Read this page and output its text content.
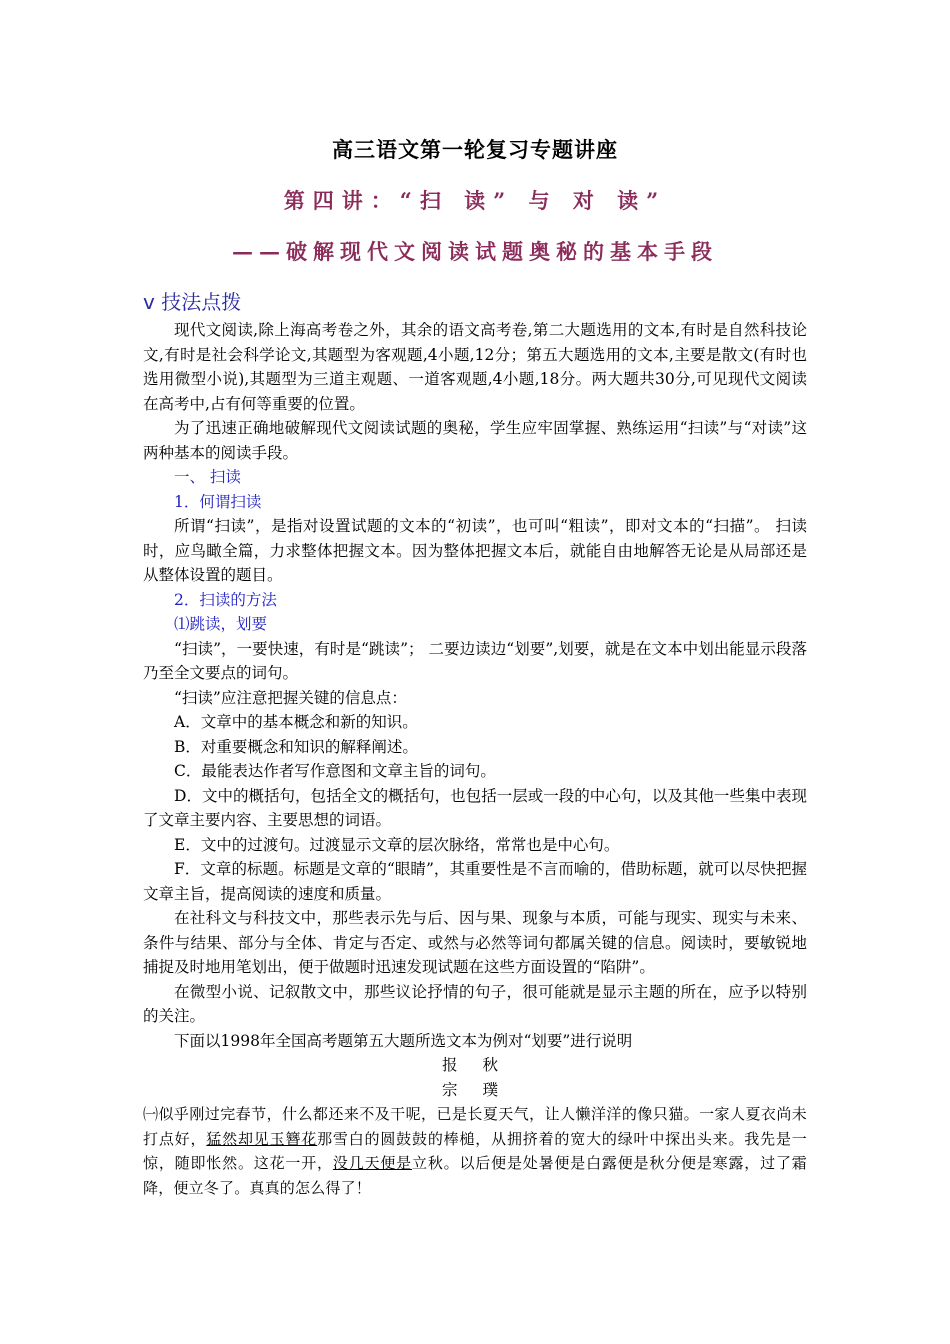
高三语文第一轮复习专题讲座
第四讲：“扫 读” 与 对 读”
——破解现代文阅读试题奥秘的基本手段
v 技法点拨

现代文阅读,除上海高考卷之外，其余的语文高考卷,第二大题选用的文本,有时是自然科技论文,有时是社会科学论文,其题型为客观题,4小题,12分；第五大题选用的文本,主要是散文(有时也选用微型小说),其题型为三道主观题、一道客观题,4小题,18分。两大题共30分,可见现代文阅读在高考中,占有何等重要的位置。

为了迅速正确地破解现代文阅读试题的奥秘，学生应牢固掌握、熟练运用“扫读”与“对读”这两种基本的阅读手段。

一、 扫读

1．何谓扫读

所谓“扫读”，是指对设置试题的文本的“初读”，也可叫“粗读”，即对文本的“扫描”。 扫读时，应鸟瞰全篇，力求整体把握文本。因为整体把握文本后，就能自由地解答无论是从局部还是从整体设置的题目。

2．扫读的方法

⑴跳读，划要

“扫读”，一要快速，有时是“跳读”； 二要边读边“划要”,划要，就是在文本中划出能显示段落乃至全文要点的词句。

“扫读”应注意把握关键的信息点：

A．文章中的基本概念和新的知识。

B．对重要概念和知识的解释阐述。

C．最能表达作者写作意图和文章主旨的词句。

D．文中的概括句，包括全文的概括句，也包括一层或一段的中心句，以及其他一些集中表现了文章主要内容、主要思想的词语。

E．文中的过渡句。过渡显示文章的层次脉络，常常也是中心句。

F．文章的标题。标题是文章的“眼睛”，其重要性是不言而喻的，借助标题，就可以尽快把握文章主旨，提高阅读的速度和质量。

在社科文与科技文中，那些表示先与后、因与果、现象与本质，可能与现实、现实与未来、条件与结果、部分与全体、肯定与否定、或然与必然等词句都属关键的信息。阅读时，要敏锐地捕捉及时地用笔划出，便于做题时迅速发现试题在这些方面设置的“陷阱”。

在微型小说、记叙散文中，那些议论抒情的句子，很可能就是显示主题的所在，应予以特别的关注。

下面以1998年全国高考题第五大题所选文本为例对“划要”进行说明

报 秋

宗 璞

㈠似乎刚过完春节，什么都还来不及干呢，已是长夏天气，让人懒洋洋的像只猫。一家人夏衣尚未打点好，猛然却见玉簪花那雪白的圆鼓鼓的棒槌，从拥挤着的宽大的绿叶中探出头来。我先是一惊，随即怅然。这花一开，没几天便是立秋。以后便是处暑便是白露便是秋分便是寒露，过了霜降，便立冬了。真真的怎么得了！
